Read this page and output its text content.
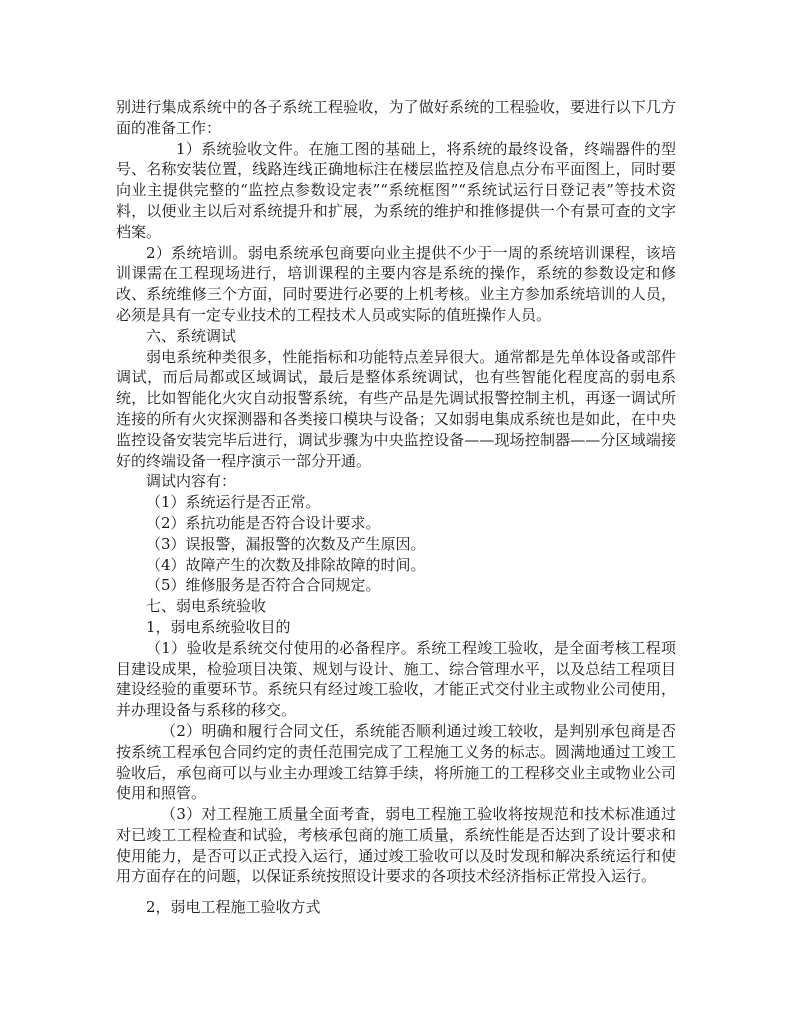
别进行集成系统中的各子系统工程验收，为了做好系统的工程验收，要进行以下几方面的准备工作：

1）系统验收文件。在施工图的基础上，将系统的最终设备，终端器件的型号、名称安装位置，线路连线正确地标注在楼层监控及信息点分布平面图上，同时要向业主提供完整的“监控点参数设定表”“系统框图”“系统试运行日登记表”等技术资料，以便业主以后对系统提升和扩展，为系统的维护和推修提供一个有景可查的文字档案。

2）系统培训。弱电系统承包商要向业主提供不少于一周的系统培训课程，该培训课需在工程现场进行，培训课程的主要内容是系统的操作，系统的参数设定和修改、系统维修三个方面，同时要进行必要的上机考核。业主方参加系统培训的人员，必须是具有一定专业技术的工程技术人员或实际的值班操作人员。

六、系统调试

弱电系统种类很多，性能指标和功能特点差异很大。通常都是先单体设备或部件调试，而后局都或区域调试，最后是整体系统调试，也有些智能化程度高的弱电系统，比如智能化火灾自动报警系统，有些产品是先调试报警控制主机，再逐一调试所连接的所有火灾探测器和各类接口模块与设备；又如弱电集成系统也是如此，在中央监控设备安装完毕后进行，调试步骤为中央监控设备——现场控制器——分区域端接好的终端设备一程序演示一部分开通。

调试内容有：

（1）系统运行是否正常。

（2）系抗功能是否符合设计要求。

（3）误报警，漏报警的次数及产生原因。

（4）故障产生的次数及排除故障的时间。

（5）维修服务是否符合合同规定。

七、弱电系统验收

1，弱电系统验收目的

（1）验收是系统交付使用的必备程序。系统工程竣工验收，是全面考核工程项目建设成果，检验项目决策、规划与设计、施工、综合管理水平，以及总结工程项目建设经验的重要环节。系统只有经过竣工验收，才能正式交付业主或物业公司使用，并办理设备与系移的移交。

（2）明确和履行合同文任，系统能否顺利通过竣工较收，是判别承包商是否按系统工程承包合同约定的责任范围完成了工程施工义务的标志。圆满地通过工竣工验收后，承包商可以与业主办理竣工结算手续，将所施工的工程移交业主或物业公司使用和照管。

（3）对工程施工质量全面考査，弱电工程施工验收将按规范和技术标准通过对已竣工工程检查和试验，考核承包商的施工质量，系统性能是否达到了设计要求和使用能力，是否可以正式投入运行，通过竣工验收可以及时发现和解决系统运行和使用方面存在的问题，以保证系统按照设计要求的各项技术经济指标正常投入运行。

2，弱电工程施工验收方式
